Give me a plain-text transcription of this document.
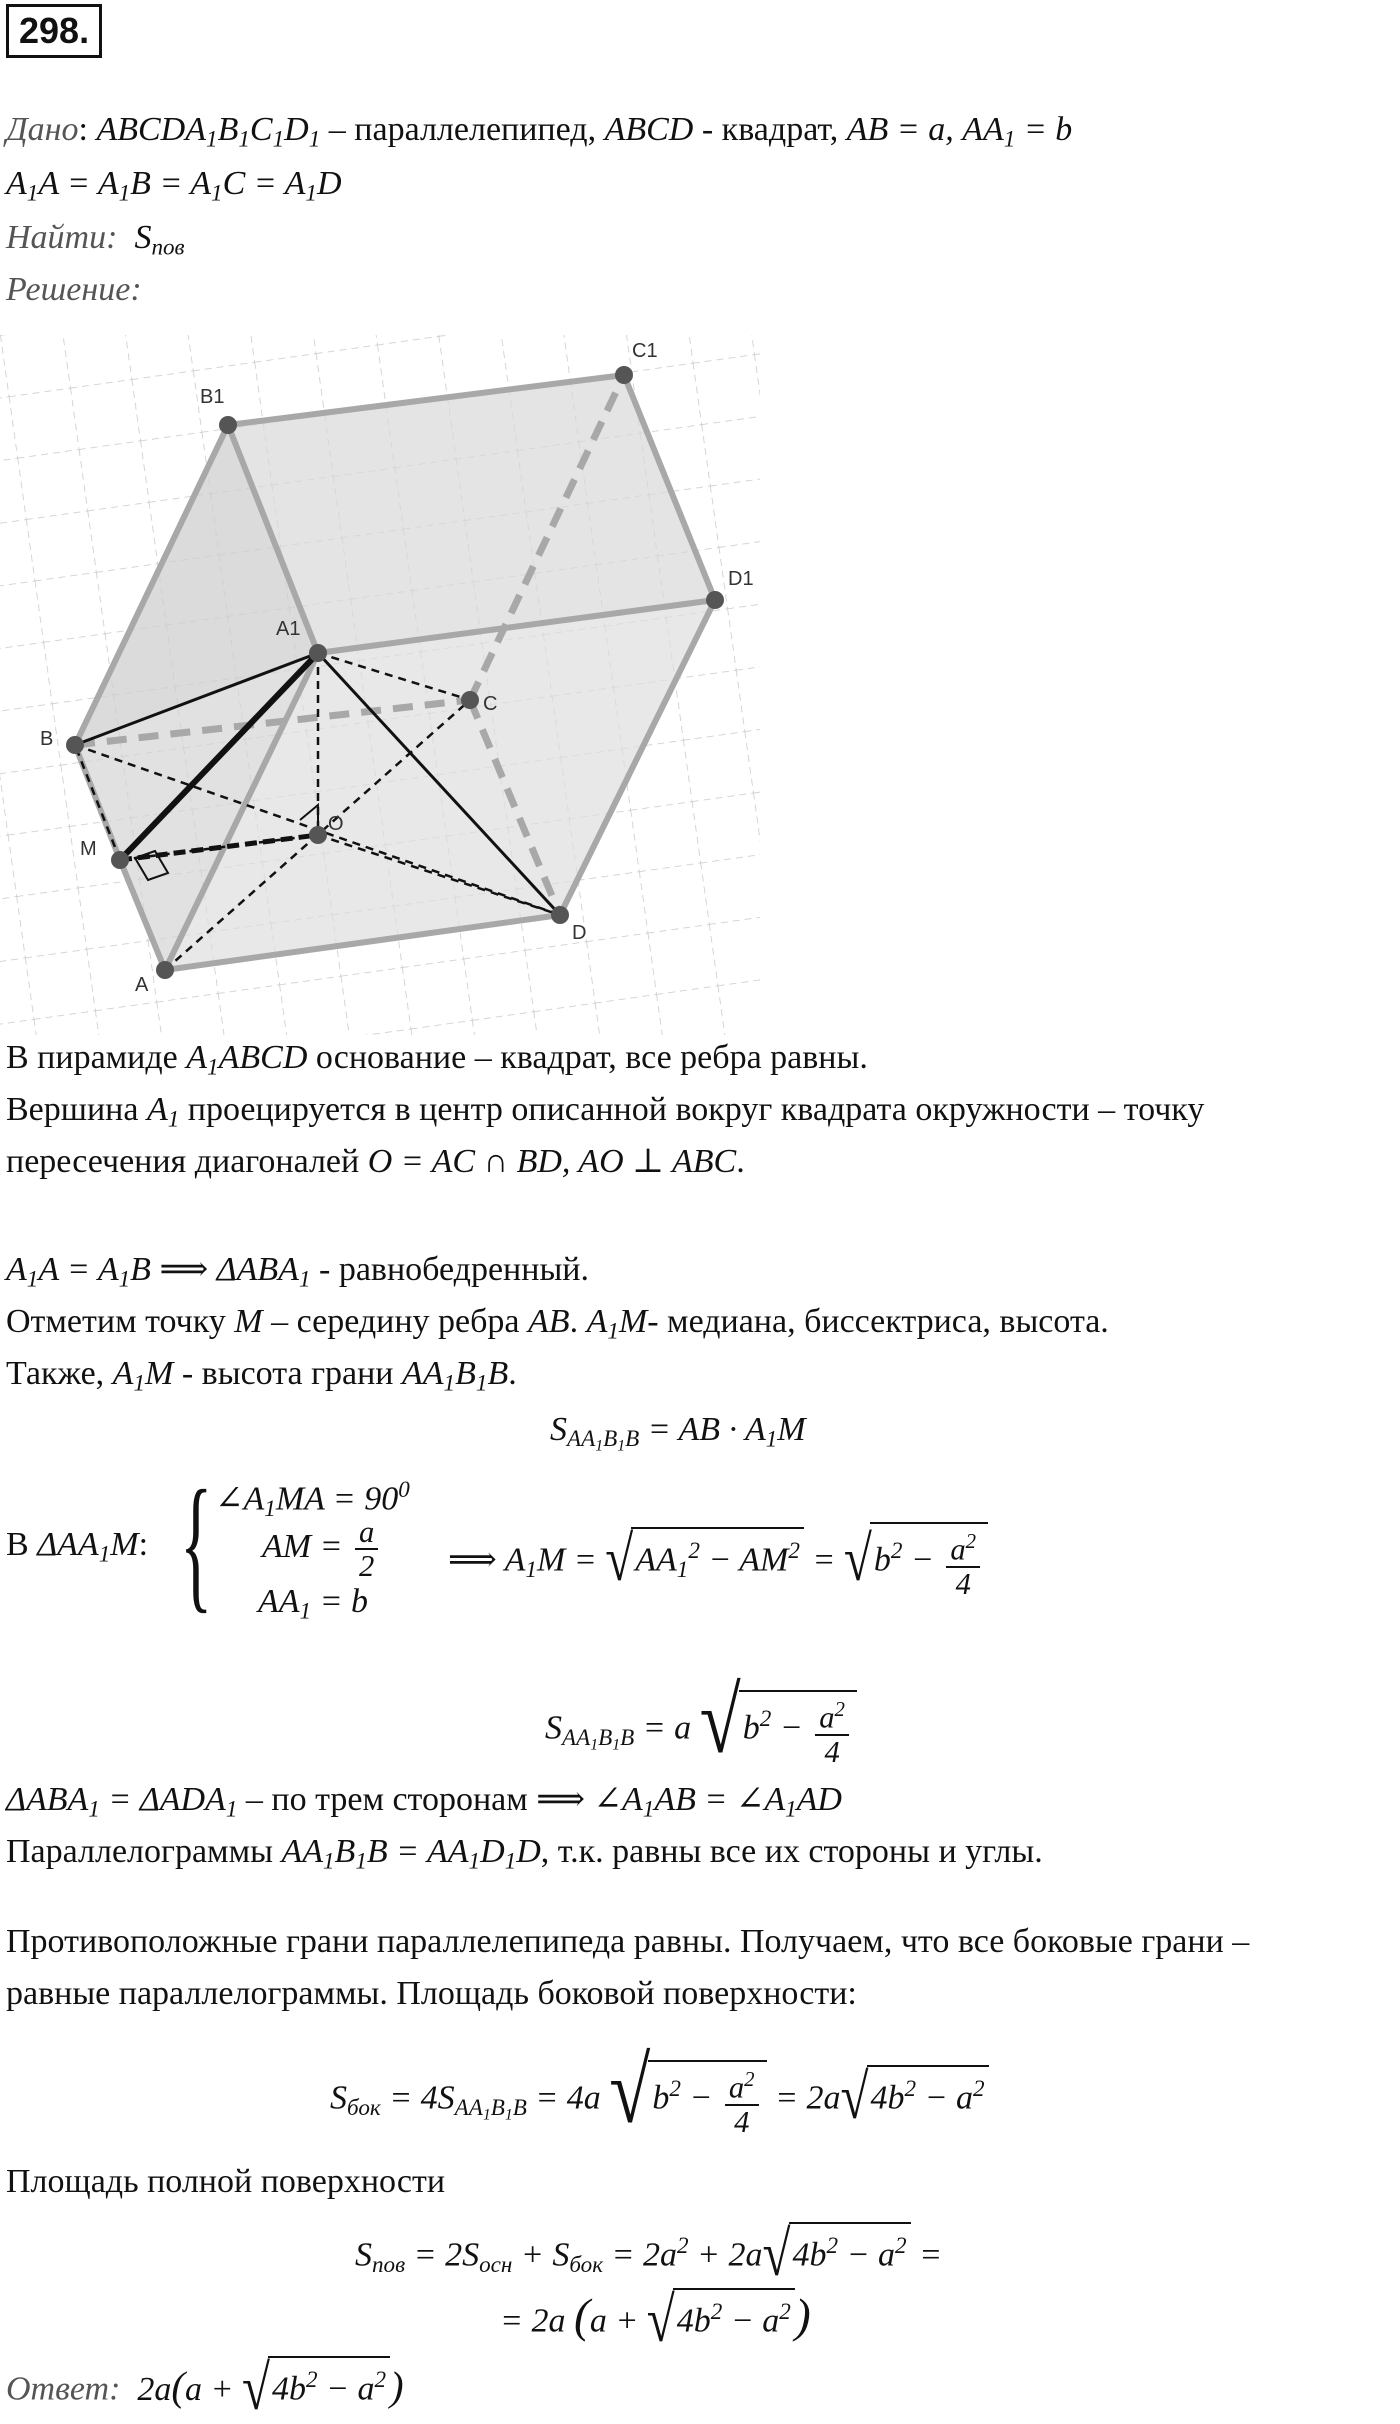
298.
Дано: $ABCDA_1B_1C_1D_1$ – параллелепипед, ABCD - квадрат, AB = a, $AA_1 = b$
$A_1A = A_1B = A_1C = A_1D$
Найти:  $S_{пов}$
Решение:
B1
C1
D1
A1
C
B
O
M
D
A
В пирамиде $A_1ABCD$ основание – квадрат, все ребра равны.
Вершина $A_1$ проецируется в центр описанной вокруг квадрата окружности – точку
пересечения диагоналей O = AC ∩ BD, AO ⊥ ABC.
$A_1A = A_1B$ ⟹ $\Delta ABA_1$ - равнобедренный.
Отметим точку M – середину ребра AB. $A_1M-$ медиана, биссектриса, высота.
Также, $A_1M$ - высота грани $AA_1B_1B$.
$S_{AA_1B_1B}$ = AB · $A_1M$
В $\Delta AA_1M$: { $\angle A_1MA = 90^0$
AM = $\frac{a}{2}$
$AA_1 = b$
⟹ $A_1M = √AA_1^2 - AM^2 = √b^2 - \frac{a^2}{4}$
$S_{AA_1B_1B} = a$ $√b^2 - \frac{a^2}{4}$
$\Delta ABA_1 = \Delta ADA_1$ – по трем сторонам ⟹ $\angle A_1AB$ = $\angle A_1AD$
Параллелограммы $AA_1B_1B = AA_1D_1D$, т.к. равны все их стороны и углы.
Противоположные грани параллелепипеда равны. Получаем, что все боковые грани –
равные параллелограммы. Площадь боковой поверхности:
$S_{бок} = 4S_{AA_1B_1B} = 4a$ $√b^2 - \frac{a^2}{4} = 2a√4b^2 - a^2$
Площадь полной поверхности
$S_{пов} = 2S_{осн} + S_{бок} = 2a^2 + 2a√4b^2 - a^2$ =
= 2a $(a + √4b^2 - a^2)$
Ответ:  $2a(a + √4b^2 - a^2)$
